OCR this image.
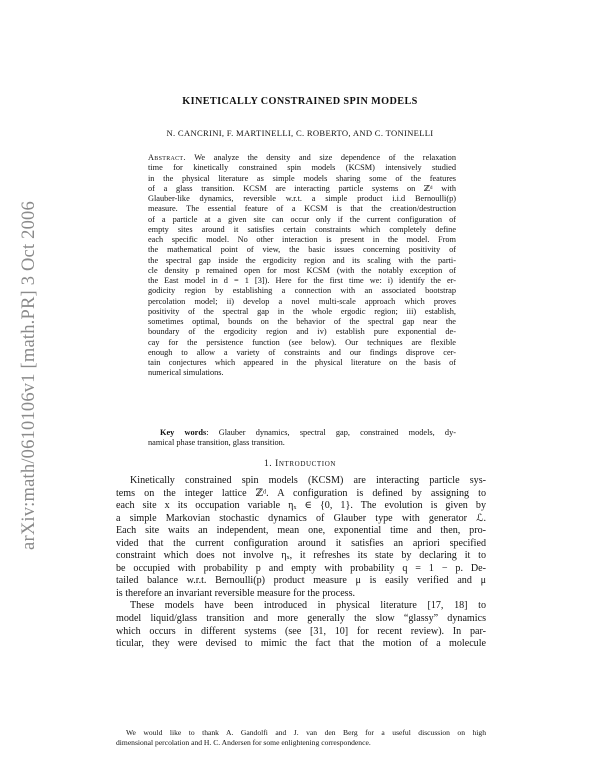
arXiv:math/0610106v1 [math.PR] 3 Oct 2006
KINETICALLY CONSTRAINED SPIN MODELS
N. CANCRINI, F. MARTINELLI, C. ROBERTO, AND C. TONINELLI
Abstract. We analyze the density and size dependence of the relaxation
time for kinetically constrained spin models (KCSM) intensively studied
in the physical literature as simple models sharing some of the features
of a glass transition. KCSM are interacting particle systems on ℤᵈ with
Glauber-like dynamics, reversible w.r.t. a simple product i.i.d Bernoulli(p)
measure. The essential feature of a KCSM is that the creation/destruction
of a particle at a given site can occur only if the current configuration of
empty sites around it satisfies certain constraints which completely define
each specific model. No other interaction is present in the model. From
the mathematical point of view, the basic issues concerning positivity of
the spectral gap inside the ergodicity region and its scaling with the parti-
cle density p remained open for most KCSM (with the notably exception of
the East model in d = 1 [3]). Here for the first time we: i) identify the er-
godicity region by establishing a connection with an associated bootstrap
percolation model; ii) develop a novel multi-scale approach which proves
positivity of the spectral gap in the whole ergodic region; iii) establish,
sometimes optimal, bounds on the behavior of the spectral gap near the
boundary of the ergodicity region and iv) establish pure exponential de-
cay for the persistence function (see below). Our techniques are flexible
enough to allow a variety of constraints and our findings disprove cer-
tain conjectures which appeared in the physical literature on the basis of
numerical simulations.
Key words: Glauber dynamics, spectral gap, constrained models, dy-
namical phase transition, glass transition.
1. Introduction
Kinetically constrained spin models (KCSM) are interacting particle sys-
tems on the integer lattice ℤᵈ. A configuration is defined by assigning to
each site x its occupation variable ηₓ ∈ {0, 1}. The evolution is given by
a simple Markovian stochastic dynamics of Glauber type with generator ℒ.
Each site waits an independent, mean one, exponential time and then, pro-
vided that the current configuration around it satisfies an apriori specified
constraint which does not involve ηₓ, it refreshes its state by declaring it to
be occupied with probability p and empty with probability q = 1 − p. De-
tailed balance w.r.t. Bernoulli(p) product measure μ is easily verified and μ
is therefore an invariant reversible measure for the process.
These models have been introduced in physical literature [17, 18] to
model liquid/glass transition and more generally the slow “glassy” dynamics
which occurs in different systems (see [31, 10] for recent review). In par-
ticular, they were devised to mimic the fact that the motion of a molecule
We would like to thank A. Gandolfi and J. van den Berg for a useful discussion on high
dimensional percolation and H. C. Andersen for some enlightening correspondence.
